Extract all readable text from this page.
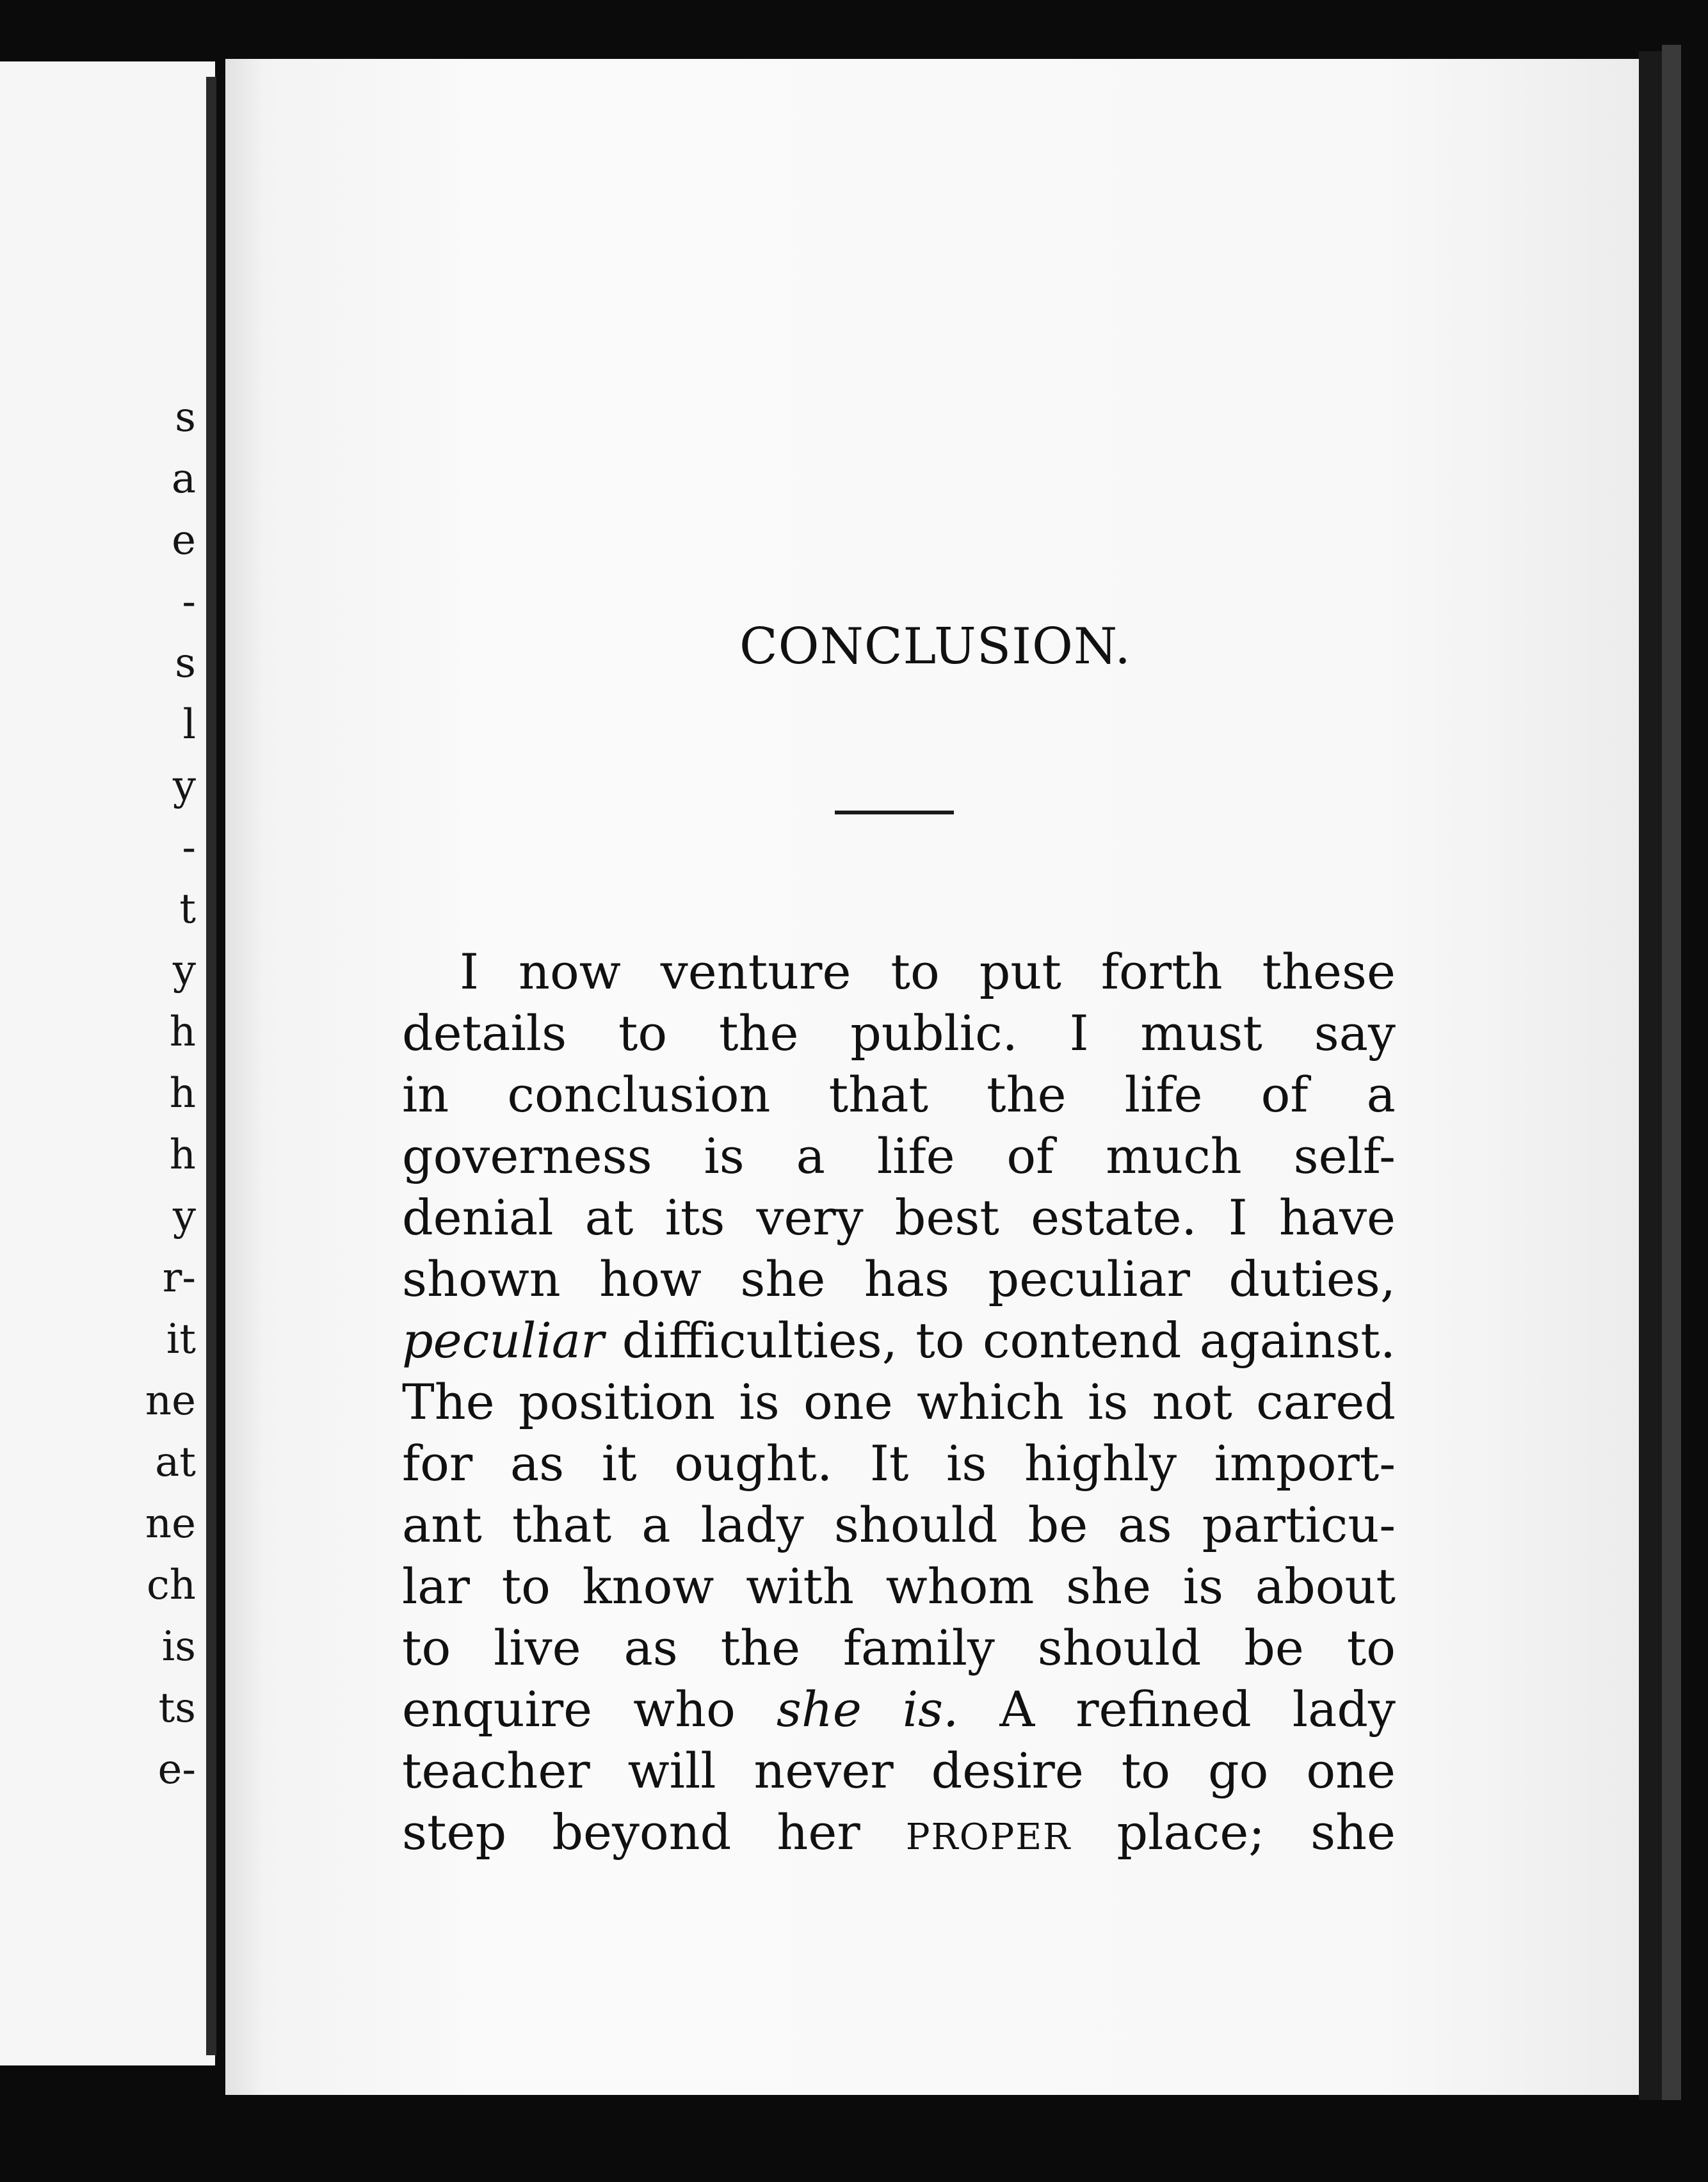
s
a
e
-
s
l
y
-
t
y
h
h
h
y
r-
it
ne
at
ne
ch
is
ts
e-
CONCLUSION.
I now venture to put forth these
details to the public. I must say
in conclusion that the life of a
governess is a life of much self-
denial at its very best estate. I have
shown how she has peculiar duties,
peculiar difficulties, to contend against.
The position is one which is not cared
for as it ought. It is highly import-
ant that a lady should be as particu-
lar to know with whom she is about
to live as the family should be to
enquire who she is. A refined lady
teacher will never desire to go one
step beyond her PROPER place; she
